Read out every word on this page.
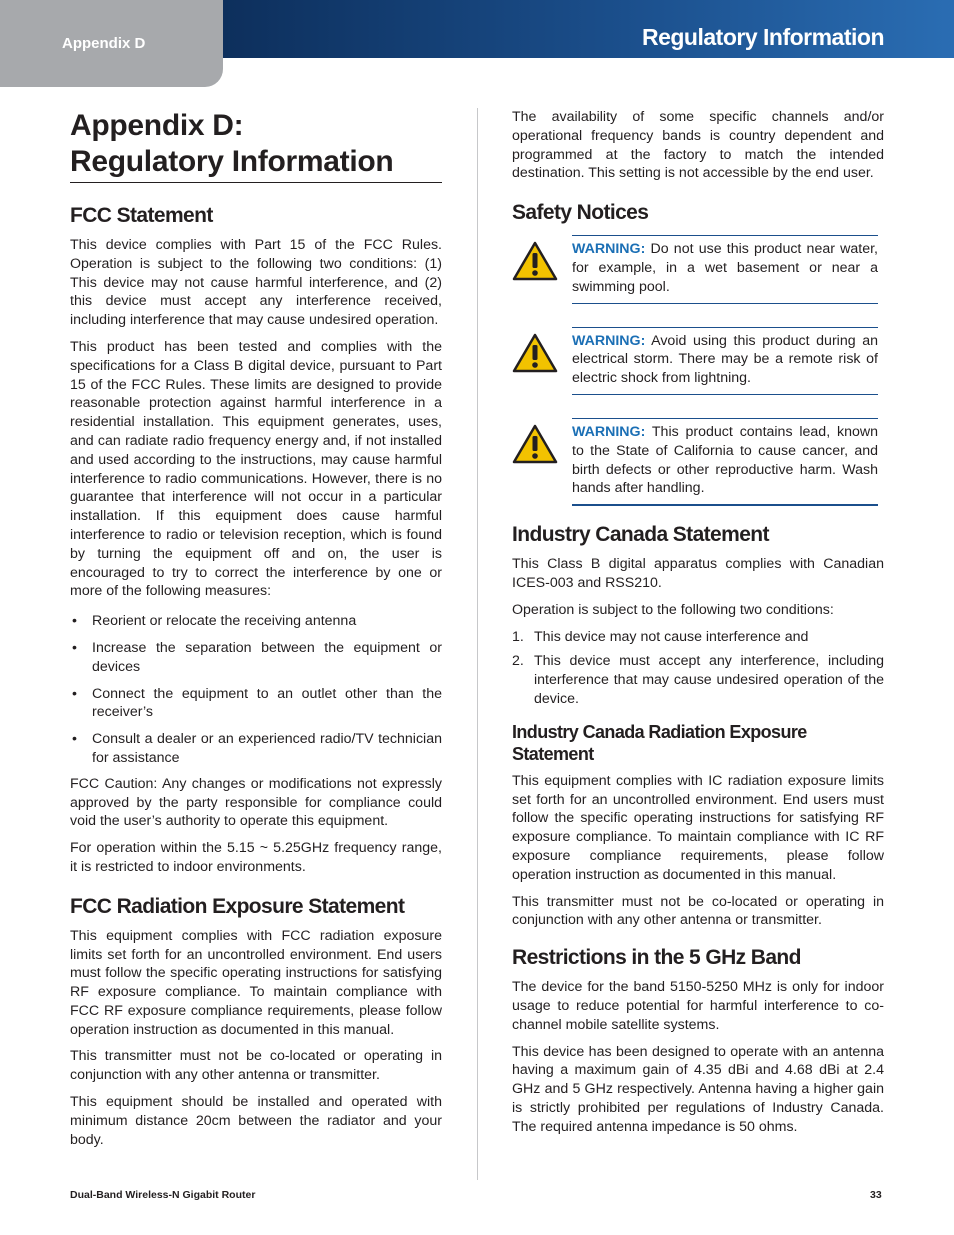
Appendix D	Regulatory Information
Appendix D:
Regulatory Information
FCC Statement

This device complies with Part 15 of the FCC Rules. Operation is subject to the following two conditions: (1) This device may not cause harmful interference, and (2) this device must accept any interference received, including interference that may cause undesired operation.

This product has been tested and complies with the specifications for a Class B digital device, pursuant to Part 15 of the FCC Rules. These limits are designed to provide reasonable protection against harmful interference in a residential installation. This equipment generates, uses, and can radiate radio frequency energy and, if not installed and used according to the instructions, may cause harmful interference to radio communications. However, there is no guarantee that interference will not occur in a particular installation. If this equipment does cause harmful interference to radio or television reception, which is found by turning the equipment off and on, the user is encouraged to try to correct the interference by one or more of the following measures:

• Reorient or relocate the receiving antenna
• Increase the separation between the equipment or devices
• Connect the equipment to an outlet other than the receiver’s
• Consult a dealer or an experienced radio/TV technician for assistance

FCC Caution: Any changes or modifications not expressly approved by the party responsible for compliance could void the user’s authority to operate this equipment.

For operation within the 5.15 ~ 5.25GHz frequency range, it is restricted to indoor environments.

FCC Radiation Exposure Statement

This equipment complies with FCC radiation exposure limits set forth for an uncontrolled environment. End users must follow the specific operating instructions for satisfying RF exposure compliance. To maintain compliance with FCC RF exposure compliance requirements, please follow operation instruction as documented in this manual.

This transmitter must not be co-located or operating in conjunction with any other antenna or transmitter.

This equipment should be installed and operated with minimum distance 20cm between the radiator and your body.

The availability of some specific channels and/or operational frequency bands is country dependent and programmed at the factory to match the intended destination. This setting is not accessible by the end user.

Safety Notices

WARNING: Do not use this product near water, for example, in a wet basement or near a swimming pool.

WARNING: Avoid using this product during an electrical storm. There may be a remote risk of electric shock from lightning.

WARNING: This product contains lead, known to the State of California to cause cancer, and birth defects or other reproductive harm. Wash hands after handling.

Industry Canada Statement

This Class B digital apparatus complies with Canadian ICES-003 and RSS210.

Operation is subject to the following two conditions:

1. This device may not cause interference and
2. This device must accept any interference, including interference that may cause undesired operation of the device.
Industry Canada Radiation Exposure Statement

This equipment complies with IC radiation exposure limits set forth for an uncontrolled environment. End users must follow the specific operating instructions for satisfying RF exposure compliance. To maintain compliance with IC RF exposure compliance requirements, please follow operation instruction as documented in this manual.

This transmitter must not be co-located or operating in conjunction with any other antenna or transmitter.

Restrictions in the 5 GHz Band

The device for the band 5150-5250 MHz is only for indoor usage to reduce potential for harmful interference to co-channel mobile satellite systems.

This device has been designed to operate with an antenna having a maximum gain of 4.35 dBi and 4.68 dBi at 2.4 GHz and 5 GHz respectively. Antenna having a higher gain is strictly prohibited per regulations of Industry Canada. The required antenna impedance is 50 ohms.

Dual-Band Wireless-N Gigabit Router	33
